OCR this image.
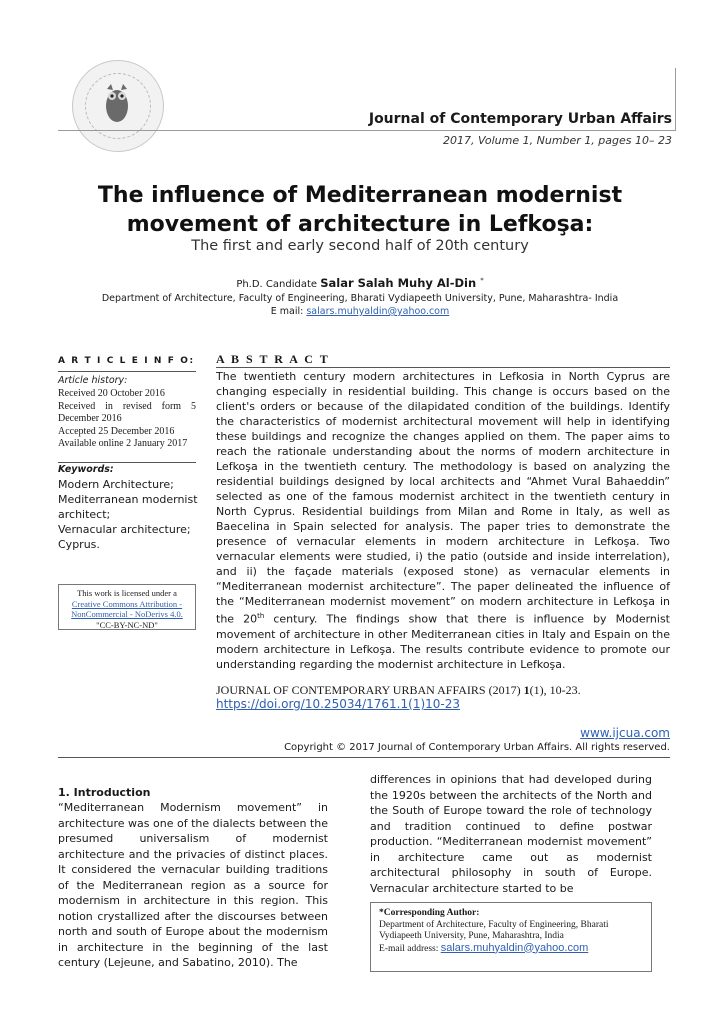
Journal of Contemporary Urban Affairs
2017, Volume 1, Number 1, pages 10– 23
The influence of Mediterranean modernist
movement of architecture in Lefkoşa:
The first and early second half of 20th century
Ph.D. Candidate Salar Salah Muhy Al-Din *
Department of Architecture, Faculty of Engineering, Bharati Vydiapeeth University, Pune, Maharashtra- India
E mail: salars.muhyaldin@yahoo.com
A R T I C L E I N F O:
Article history:
Received 20 October 2016
Received in revised form 5 December 2016
Accepted 25 December 2016
Available online 2 January 2017
Keywords:
Modern Architecture;
Mediterranean modernist architect;
Vernacular architecture;
Cyprus.
This work is licensed under a Creative Commons Attribution - NonCommercial - NoDerivs 4.0.
"CC-BY-NC-ND"
A B S T R A C T
The twentieth century modern architectures in Lefkosia in North Cyprus are changing especially in residential building. This change is occurs based on the client's orders or because of the dilapidated condition of the buildings. Identify the characteristics of modernist architectural movement will help in identifying these buildings and recognize the changes applied on them. The paper aims to reach the rationale understanding about the norms of modern architecture in Lefkoşa in the twentieth century. The methodology is based on analyzing the residential buildings designed by local architects and “Ahmet Vural Bahaeddin” selected as one of the famous modernist architect in the twentieth century in North Cyprus. Residential buildings from Milan and Rome in Italy, as well as Baecelina in Spain selected for analysis. The paper tries to demonstrate the presence of vernacular elements in modern architecture in Lefkoşa. Two vernacular elements were studied, i) the patio (outside and inside interrelation), and ii) the façade materials (exposed stone) as vernacular elements in “Mediterranean modernist architecture”. The paper delineated the influence of the “Mediterranean modernist movement” on modern architecture in Lefkoşa in the 20th century. The findings show that there is influence by Modernist movement of architecture in other Mediterranean cities in Italy and Espain on the modern architecture in Lefkoşa. The results contribute evidence to promote our understanding regarding the modernist architecture in Lefkoşa.
JOURNAL OF CONTEMPORARY URBAN AFFAIRS (2017) 1(1), 10-23.
https://doi.org/10.25034/1761.1(1)10-23
www.ijcua.com
Copyright © 2017 Journal of Contemporary Urban Affairs. All rights reserved.
1. Introduction
“Mediterranean Modernism movement” in architecture was one of the dialects between the presumed universalism of modernist architecture and the privacies of distinct places. It considered the vernacular building traditions of the Mediterranean region as a source for modernism in architecture in this region. This notion crystallized after the discourses between north and south of Europe about the modernism in architecture in the beginning of the last century (Lejeune, and Sabatino, 2010). The
differences in opinions that had developed during the 1920s between the architects of the North and the South of Europe toward the role of technology and tradition continued to define postwar production. “Mediterranean modernist movement” in architecture came out as modernist architectural philosophy in south of Europe. Vernacular architecture started to be
*Corresponding Author:
Department of Architecture, Faculty of Engineering, Bharati Vydiapeeth University, Pune, Maharashtra, India
E-mail address: salars.muhyaldin@yahoo.com
